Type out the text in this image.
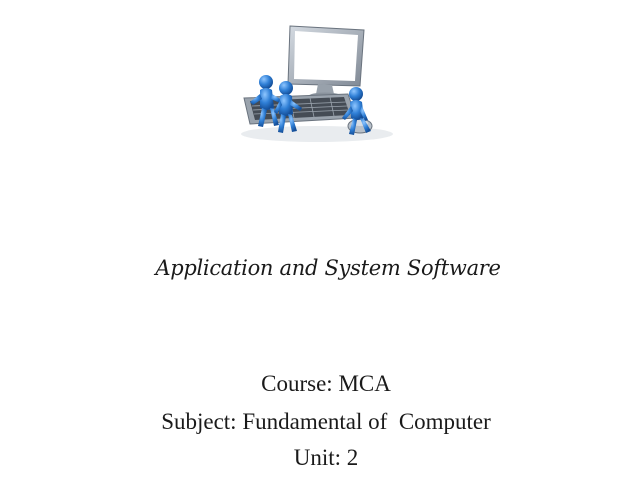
Application and System Software
Course: MCA
Subject: Fundamental of  Computer
Unit: 2
